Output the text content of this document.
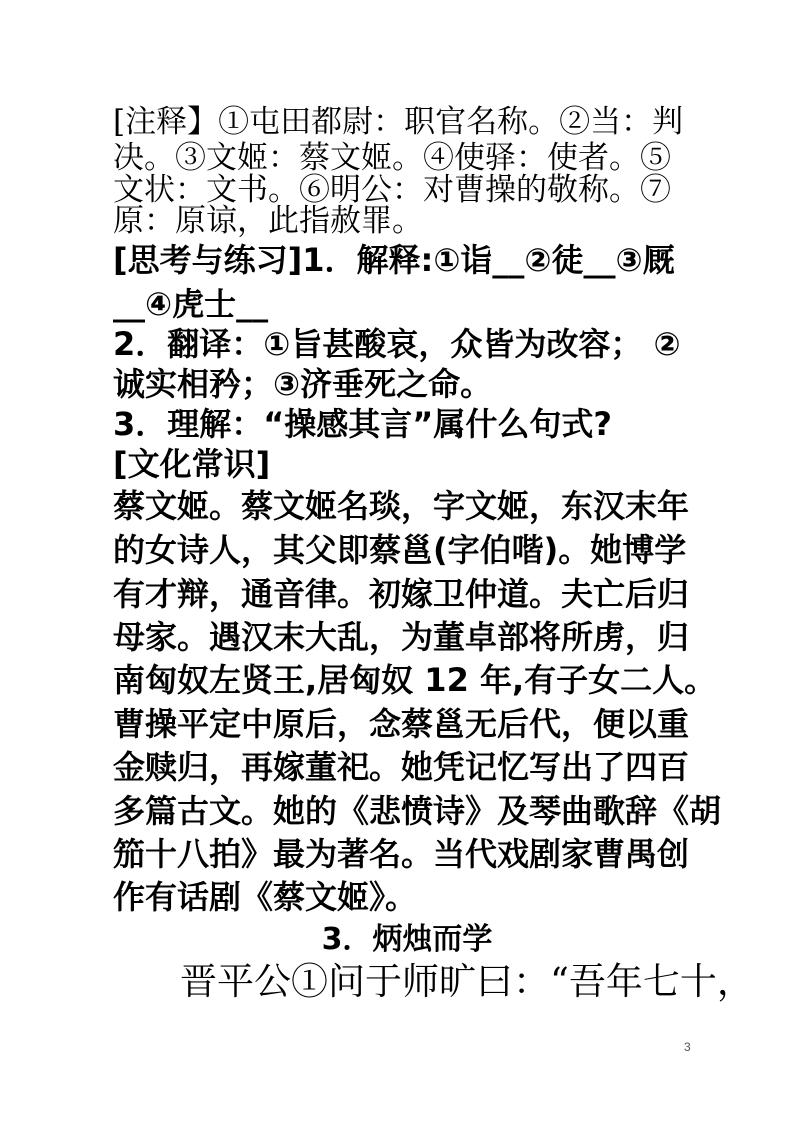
[注释】①屯田都尉：职官名称。②当：判
决。③文姬：蔡文姬。④使驿：使者。⑤
文状：文书。⑥明公：对曹操的敬称。⑦
原：原谅，此指赦罪。
[思考与练习]1．解释:①诣__②徒__③厩
__④虎士__
2．翻译：①旨甚酸哀，众皆为改容； ②
诚实相矜；③济垂死之命。
3．理解：“操感其言”属什么句式?
[文化常识]
蔡文姬。蔡文姬名琰，字文姬，东汉末年
的女诗人，其父即蔡邕(字伯喈)。她博学
有才辩，通音律。初嫁卫仲道。夫亡后归
母家。遇汉末大乱，为董卓部将所虏，归
南匈奴左贤王,居匈奴 12 年,有子女二人。
曹操平定中原后，念蔡邕无后代，便以重
金赎归，再嫁董祀。她凭记忆写出了四百
多篇古文。她的《悲愤诗》及琴曲歌辞《胡
笳十八拍》最为著名。当代戏剧家曹禺创
作有话剧《蔡文姬》。
3．炳烛而学
晋平公①问于师旷曰：“吾年七十，
3
